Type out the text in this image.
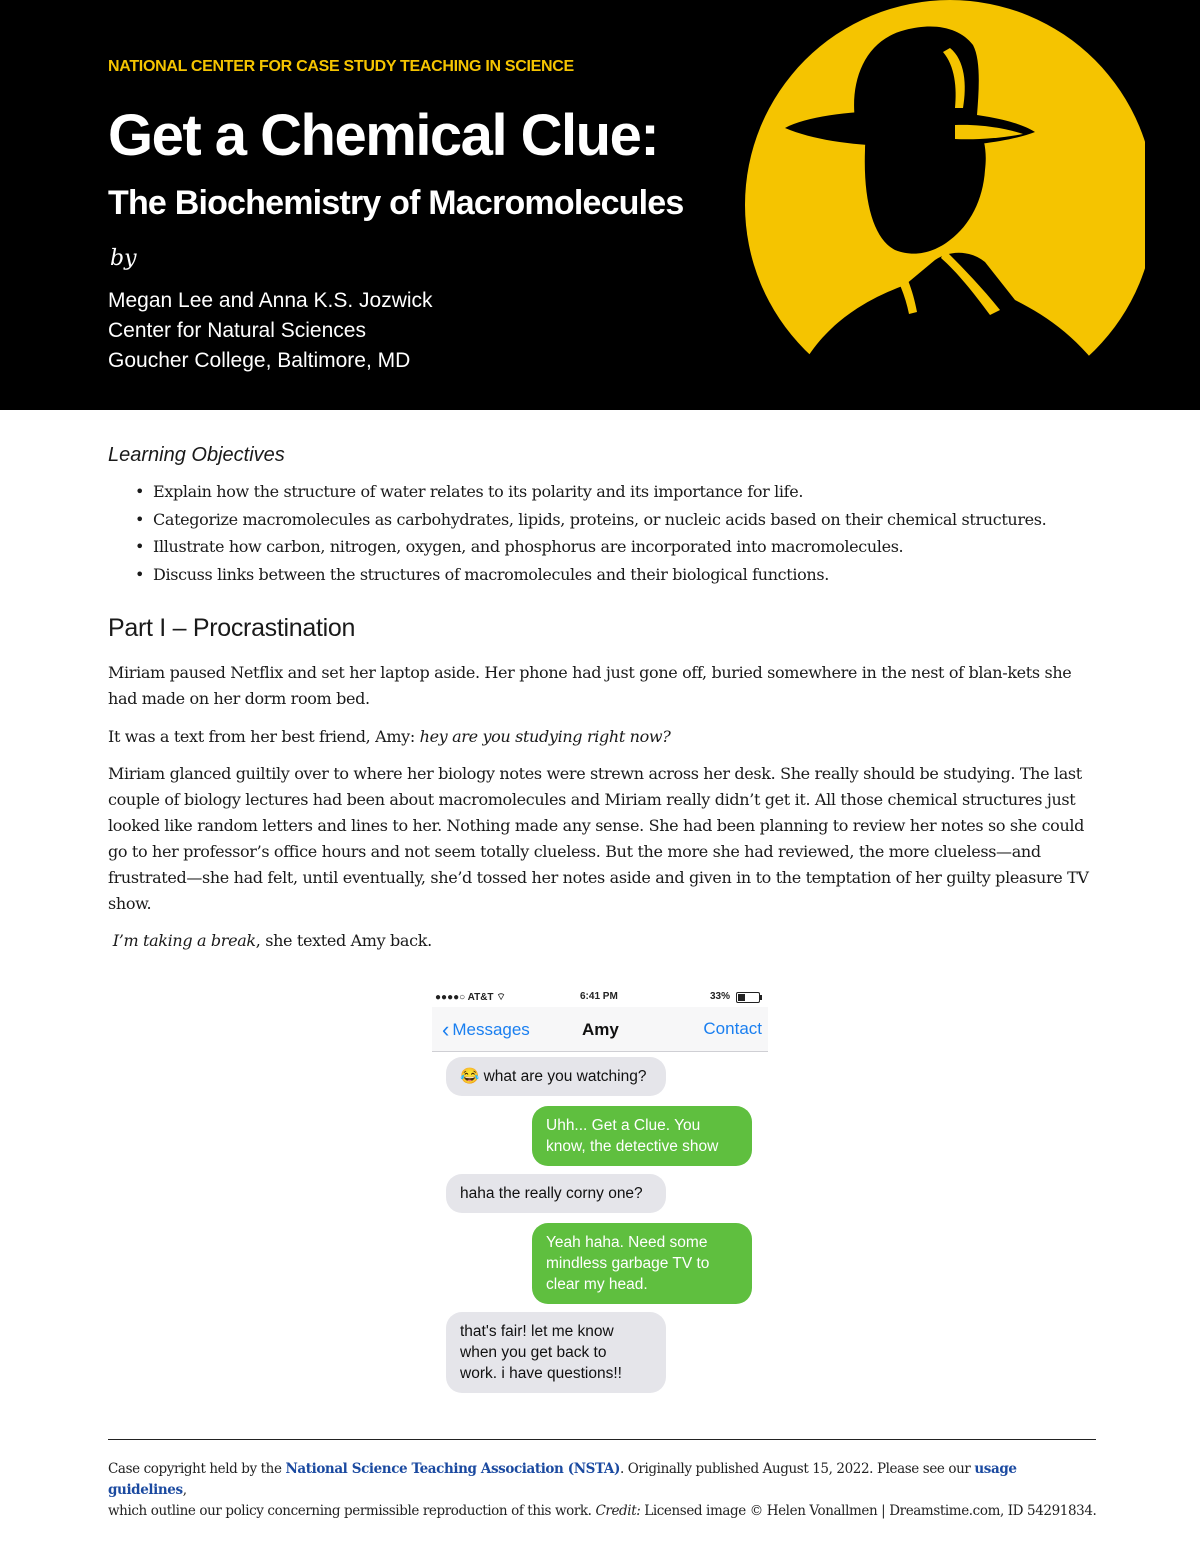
NATIONAL CENTER FOR CASE STUDY TEACHING IN SCIENCE
Get a Chemical Clue:
The Biochemistry of Macromolecules
by
Megan Lee and Anna K.S. Jozwick
Center for Natural Sciences
Goucher College, Baltimore, MD
Learning Objectives
• Explain how the structure of water relates to its polarity and its importance for life.
• Categorize macromolecules as carbohydrates, lipids, proteins, or nucleic acids based on their chemical structures.
• Illustrate how carbon, nitrogen, oxygen, and phosphorus are incorporated into macromolecules.
• Discuss links between the structures of macromolecules and their biological functions.
Part I – Procrastination

Miriam paused Netflix and set her laptop aside. Her phone had just gone off, buried somewhere in the nest of blan-kets she had made on her dorm room bed.

It was a text from her best friend, Amy: hey are you studying right now?

Miriam glanced guiltily over to where her biology notes were strewn across her desk. She really should be studying. The last couple of biology lectures had been about macromolecules and Miriam really didn’t get it. All those chemical structures just looked like random letters and lines to her. Nothing made any sense. She had been planning to review her notes so she could go to her professor’s office hours and not seem totally clueless. But the more she had reviewed, the more clueless—and frustrated—she had felt, until eventually, she’d tossed her notes aside and given in to the temptation of her guilty pleasure TV show.

I’m taking a break, she texted Amy back.

●●●●○ AT&T ⌔	6:41 PM	33%
‹ Messages	Amy	Contact
😂 what are you watching?
Uhh... Get a Clue. You
know, the detective show
haha the really corny one?
Yeah haha. Need some
mindless garbage TV to
clear my head.
that's fair! let me know
when you get back to
work. i have questions!!
Case copyright held by the National Science Teaching Association (NSTA). Originally published August 15, 2022. Please see our usage guidelines,
which outline our policy concerning permissible reproduction of this work. Credit: Licensed image © Helen Vonallmen | Dreamstime.com, ID 54291834.
